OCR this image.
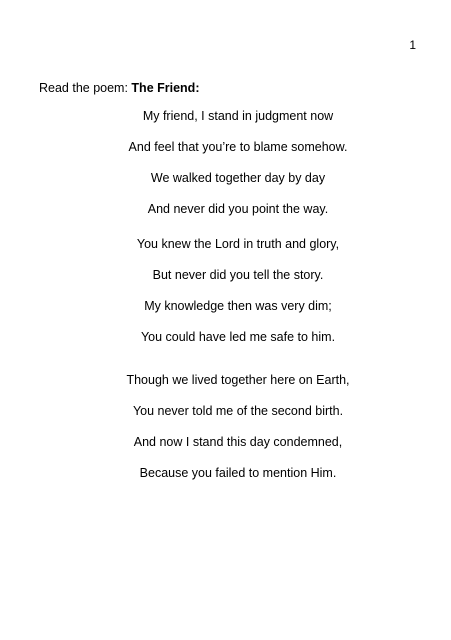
1
Read the poem: The Friend:
My friend, I stand in judgment now
And feel that you’re to blame somehow.
We walked together day by day
And never did you point the way.
You knew the Lord in truth and glory,
But never did you tell the story.
My knowledge then was very dim;
You could have led me safe to him.
Though we lived together here on Earth,
You never told me of the second birth.
And now I stand this day condemned,
Because you failed to mention Him.
